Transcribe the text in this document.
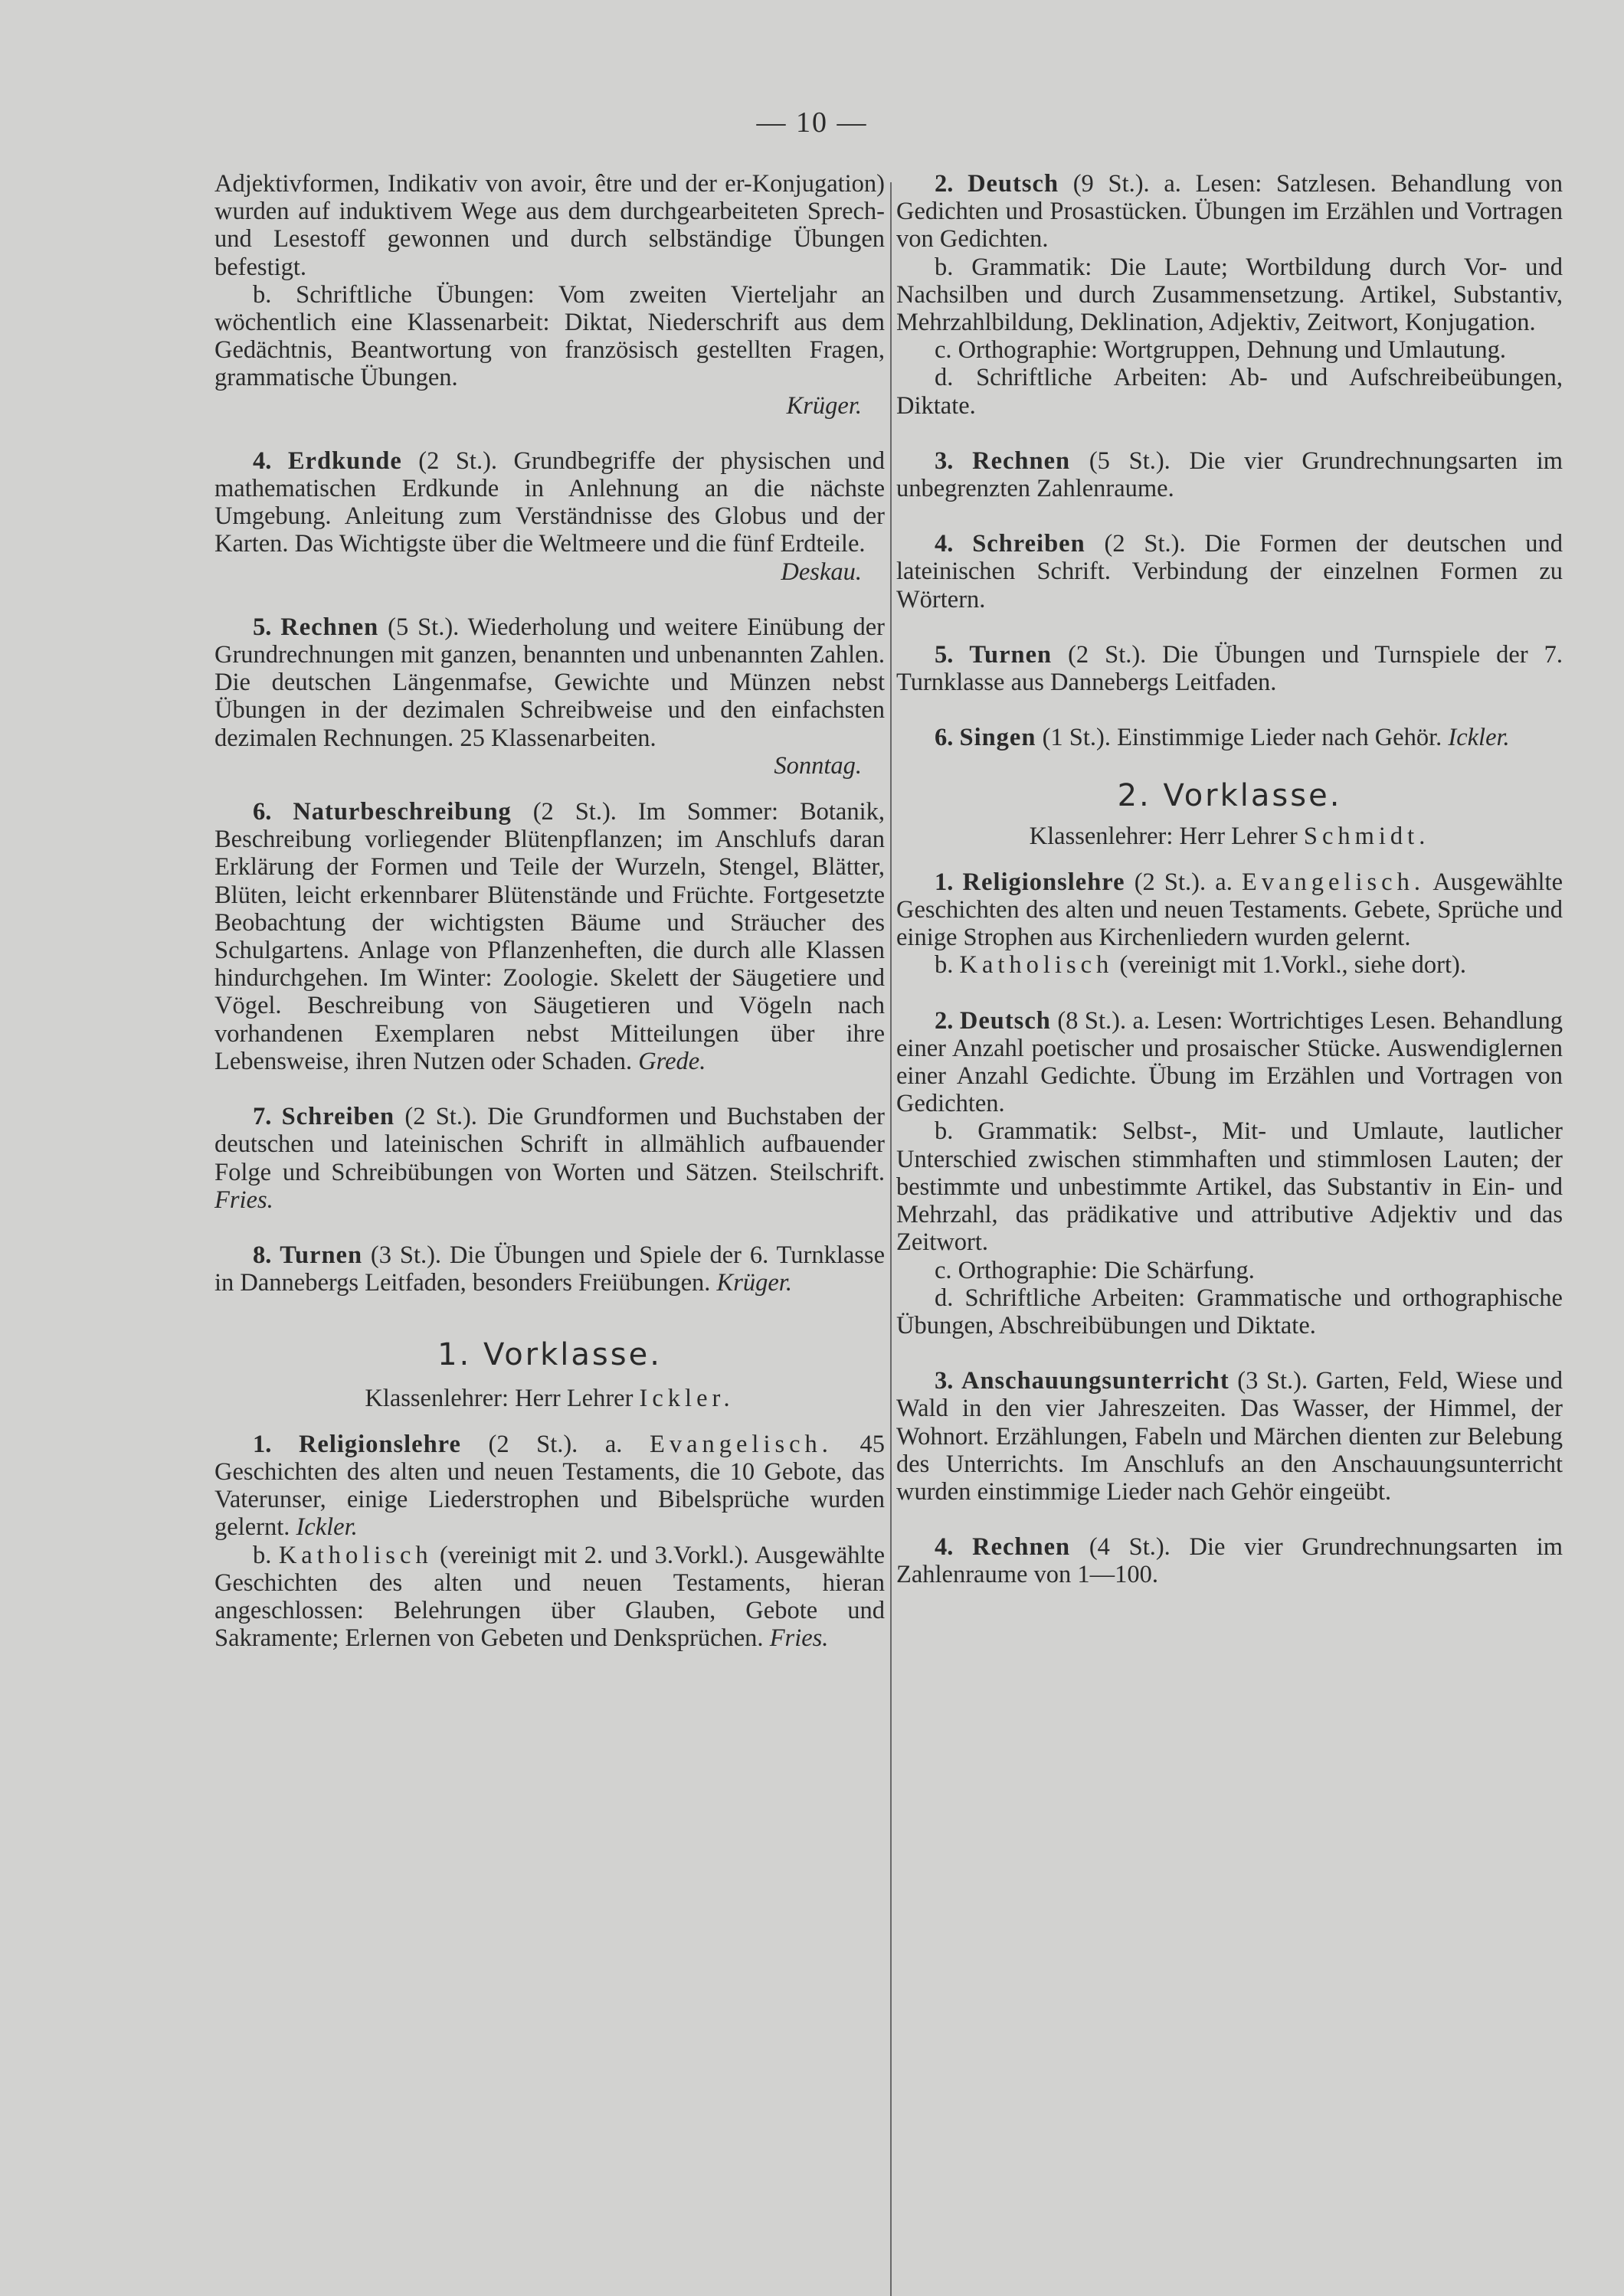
— 10 —

Adjektivformen, Indikativ von avoir, être und der er-Konjugation) wurden auf induktivem Wege aus dem durchgearbeiteten Sprech- und Lesestoff gewonnen und durch selbständige Übungen befestigt.

b. Schriftliche Übungen: Vom zweiten Vierteljahr an wöchentlich eine Klassenarbeit: Diktat, Niederschrift aus dem Gedächtnis, Beantwortung von französisch gestellten Fragen, grammatische Übungen.

Krüger.

4. Erdkunde (2 St.). Grundbegriffe der physischen und mathematischen Erdkunde in Anlehnung an die nächste Umgebung. Anleitung zum Verständnisse des Globus und der Karten. Das Wichtigste über die Weltmeere und die fünf Erdteile.

Deskau.

5. Rechnen (5 St.). Wiederholung und weitere Einübung der Grundrechnungen mit ganzen, benannten und unbenannten Zahlen. Die deutschen Längenmafse, Gewichte und Münzen nebst Übungen in der dezimalen Schreibweise und den einfachsten dezimalen Rechnungen. 25 Klassenarbeiten.

Sonntag.

6. Naturbeschreibung (2 St.). Im Sommer: Botanik, Beschreibung vorliegender Blütenpflanzen; im Anschlufs daran Erklärung der Formen und Teile der Wurzeln, Stengel, Blätter, Blüten, leicht erkennbarer Blütenstände und Früchte. Fortgesetzte Beobachtung der wichtigsten Bäume und Sträucher des Schulgartens. Anlage von Pflanzenheften, die durch alle Klassen hindurchgehen. Im Winter: Zoologie. Skelett der Säugetiere und Vögel. Beschreibung von Säugetieren und Vögeln nach vorhandenen Exemplaren nebst Mitteilungen über ihre Lebensweise, ihren Nutzen oder Schaden. Grede.

7. Schreiben (2 St.). Die Grundformen und Buchstaben der deutschen und lateinischen Schrift in allmählich aufbauender Folge und Schreibübungen von Worten und Sätzen. Steilschrift. Fries.

8. Turnen (3 St.). Die Übungen und Spiele der 6. Turnklasse in Dannebergs Leitfaden, besonders Freiübungen. Krüger.

1. Vorklasse.

Klassenlehrer: Herr Lehrer Ickler.

1. Religionslehre (2 St.). a. Evangelisch. 45 Geschichten des alten und neuen Testaments, die 10 Gebote, das Vaterunser, einige Liederstrophen und Bibelsprüche wurden gelernt. Ickler.

b. Katholisch (vereinigt mit 2. und 3.Vorkl.). Ausgewählte Geschichten des alten und neuen Testaments, hieran angeschlossen: Belehrungen über Glauben, Gebote und Sakramente; Erlernen von Gebeten und Denksprüchen. Fries.

2. Deutsch (9 St.). a. Lesen: Satzlesen. Behandlung von Gedichten und Prosastücken. Übungen im Erzählen und Vortragen von Gedichten.

b. Grammatik: Die Laute; Wortbildung durch Vor- und Nachsilben und durch Zusammensetzung. Artikel, Substantiv, Mehrzahlbildung, Deklination, Adjektiv, Zeitwort, Konjugation.

c. Orthographie: Wortgruppen, Dehnung und Umlautung.

d. Schriftliche Arbeiten: Ab- und Aufschreibeübungen, Diktate.

3. Rechnen (5 St.). Die vier Grundrechnungsarten im unbegrenzten Zahlenraume.

4. Schreiben (2 St.). Die Formen der deutschen und lateinischen Schrift. Verbindung der einzelnen Formen zu Wörtern.

5. Turnen (2 St.). Die Übungen und Turnspiele der 7. Turnklasse aus Dannebergs Leitfaden.

6. Singen (1 St.). Einstimmige Lieder nach Gehör. Ickler.

2. Vorklasse.

Klassenlehrer: Herr Lehrer Schmidt.

1. Religionslehre (2 St.). a. Evangelisch. Ausgewählte Geschichten des alten und neuen Testaments. Gebete, Sprüche und einige Strophen aus Kirchenliedern wurden gelernt.

b. Katholisch (vereinigt mit 1.Vorkl., siehe dort).

2. Deutsch (8 St.). a. Lesen: Wortrichtiges Lesen. Behandlung einer Anzahl poetischer und prosaischer Stücke. Auswendiglernen einer Anzahl Gedichte. Übung im Erzählen und Vortragen von Gedichten.

b. Grammatik: Selbst-, Mit- und Umlaute, lautlicher Unterschied zwischen stimmhaften und stimmlosen Lauten; der bestimmte und unbestimmte Artikel, das Substantiv in Ein- und Mehrzahl, das prädikative und attributive Adjektiv und das Zeitwort.

c. Orthographie: Die Schärfung.

d. Schriftliche Arbeiten: Grammatische und orthographische Übungen, Abschreibübungen und Diktate.

3. Anschauungsunterricht (3 St.). Garten, Feld, Wiese und Wald in den vier Jahreszeiten. Das Wasser, der Himmel, der Wohnort. Erzählungen, Fabeln und Märchen dienten zur Belebung des Unterrichts. Im Anschlufs an den Anschauungsunterricht wurden einstimmige Lieder nach Gehör eingeübt.

4. Rechnen (4 St.). Die vier Grundrechnungsarten im Zahlenraume von 1—100.
